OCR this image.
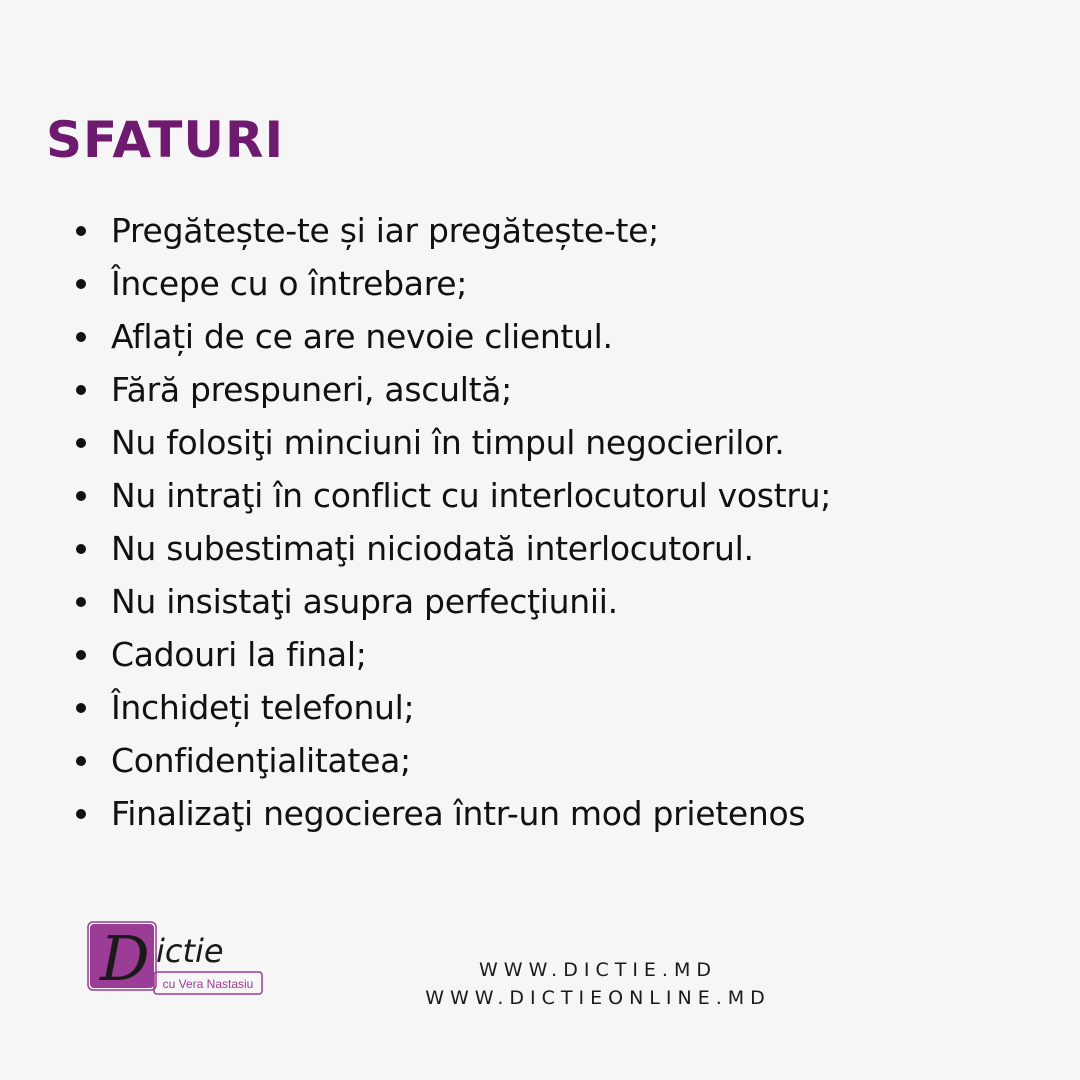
SFATURI
Pregătește-te și iar pregătește-te;
Începe cu o întrebare;
Aflați de ce are nevoie clientul.
Fără prespuneri, ascultă;
Nu folosiţi minciuni în timpul negocierilor.
Nu intraţi în conflict cu interlocutorul vostru;
Nu subestimaţi niciodată interlocutorul.
Nu insistaţi asupra perfecţiunii.
Cadouri la final;
Închideți telefonul;
Confidenţialitatea;
Finalizaţi negocierea într-un mod prietenos
D ictie
cu Vera Nastasiu
WWW.DICTIE.MD
WWW.DICTIEONLINE.MD
